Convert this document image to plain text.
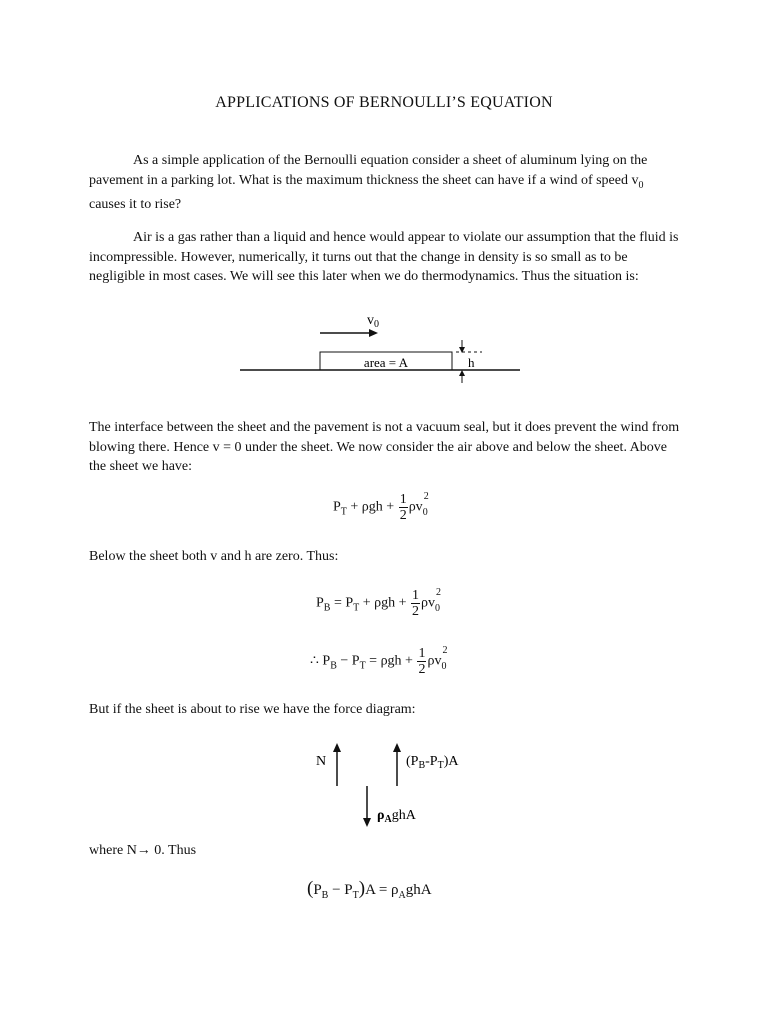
APPLICATIONS OF BERNOULLI’S EQUATION
As a simple application of the Bernoulli equation consider a sheet of aluminum lying on the pavement in a parking lot. What is the maximum thickness the sheet can have if a wind of speed $v_0$ causes it to rise?
Air is a gas rather than a liquid and hence would appear to violate our assumption that the fluid is incompressible. However, numerically, it turns out that the change in density is so small as to be negligible in most cases. We will see this later when we do thermodynamics. Thus the situation is:
$v_0$
area = A	h
The interface between the sheet and the pavement is not a vacuum seal, but it does prevent the wind from blowing there. Hence v = 0 under the sheet. We now consider the air above and below the sheet. Above the sheet we have:
$P_T + \rho gh + \frac{1}{2}$ ρv
2
$_0$
Below the sheet both v and h are zero. Thus:
$P_B = P_T + \rho gh + \frac{1}{2}$ ρv
2
$_0$
∴ $P_B - P_T = \rho gh + \frac{1}{2}$ ρv
2
$_0$
But if the sheet is about to rise we have the force diagram:
N	$(P_B-P_T)A$
$\rho_AghA$
where N→ 0. Thus
$(P_B - P_T)A = \rho_AghA$
